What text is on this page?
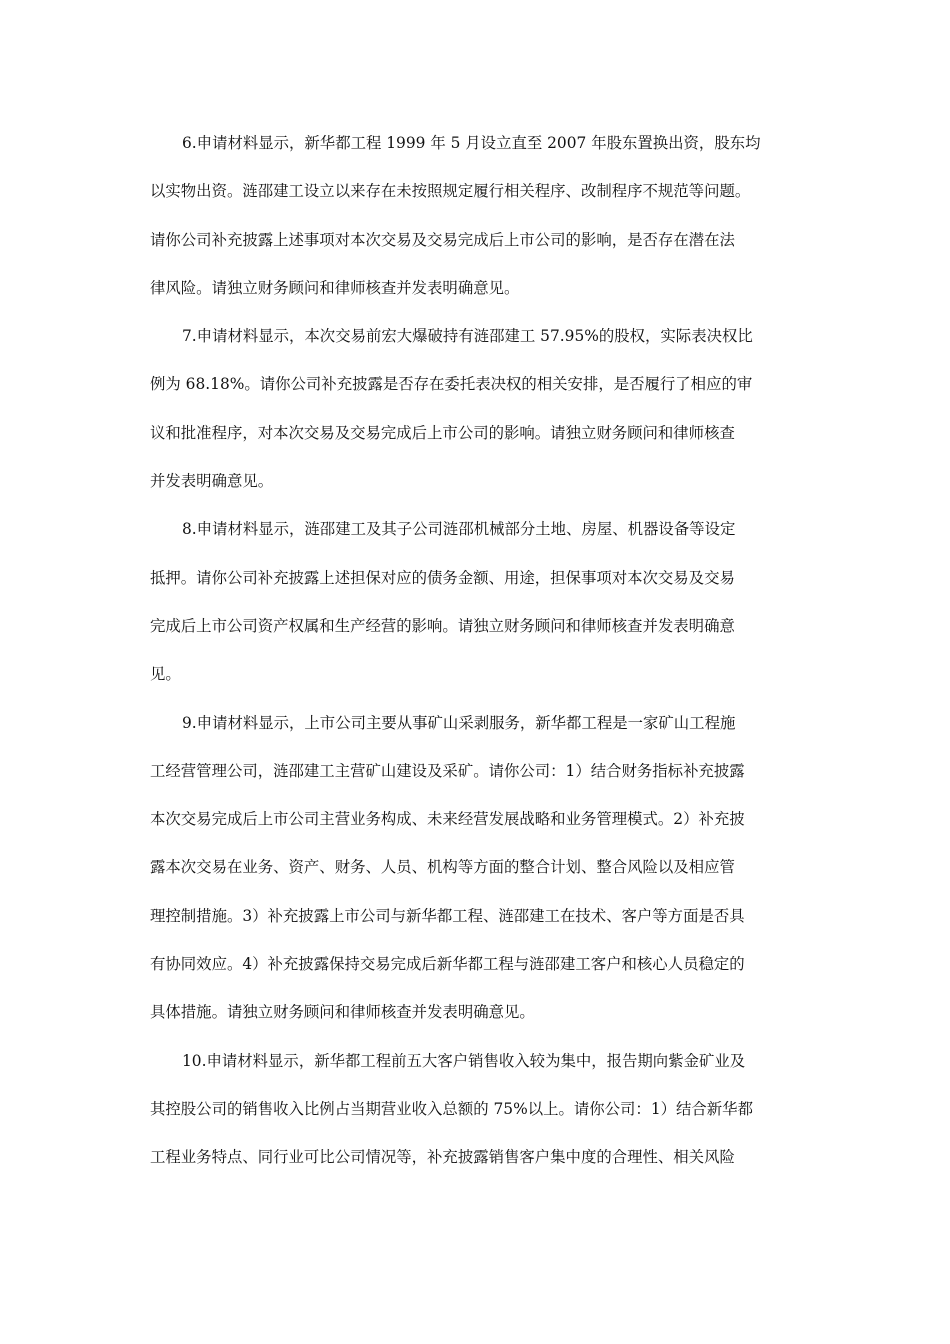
6.申请材料显示，新华都工程 1999 年 5 月设立直至 2007 年股东置换出资，股东均
以实物出资。涟邵建工设立以来存在未按照规定履行相关程序、改制程序不规范等问题。
请你公司补充披露上述事项对本次交易及交易完成后上市公司的影响，是否存在潜在法
律风险。请独立财务顾问和律师核查并发表明确意见。

7.申请材料显示，本次交易前宏大爆破持有涟邵建工 57.95%的股权，实际表决权比
例为 68.18%。请你公司补充披露是否存在委托表决权的相关安排，是否履行了相应的审
议和批准程序，对本次交易及交易完成后上市公司的影响。请独立财务顾问和律师核查
并发表明确意见。

8.申请材料显示，涟邵建工及其子公司涟邵机械部分土地、房屋、机器设备等设定
抵押。请你公司补充披露上述担保对应的债务金额、用途，担保事项对本次交易及交易
完成后上市公司资产权属和生产经营的影响。请独立财务顾问和律师核查并发表明确意
见。

9.申请材料显示，上市公司主要从事矿山采剥服务，新华都工程是一家矿山工程施
工经营管理公司，涟邵建工主营矿山建设及采矿。请你公司：1）结合财务指标补充披露
本次交易完成后上市公司主营业务构成、未来经营发展战略和业务管理模式。2）补充披
露本次交易在业务、资产、财务、人员、机构等方面的整合计划、整合风险以及相应管
理控制措施。3）补充披露上市公司与新华都工程、涟邵建工在技术、客户等方面是否具
有协同效应。4）补充披露保持交易完成后新华都工程与涟邵建工客户和核心人员稳定的
具体措施。请独立财务顾问和律师核查并发表明确意见。

10.申请材料显示，新华都工程前五大客户销售收入较为集中，报告期向紫金矿业及
其控股公司的销售收入比例占当期营业收入总额的 75%以上。请你公司：1）结合新华都
工程业务特点、同行业可比公司情况等，补充披露销售客户集中度的合理性、相关风险
